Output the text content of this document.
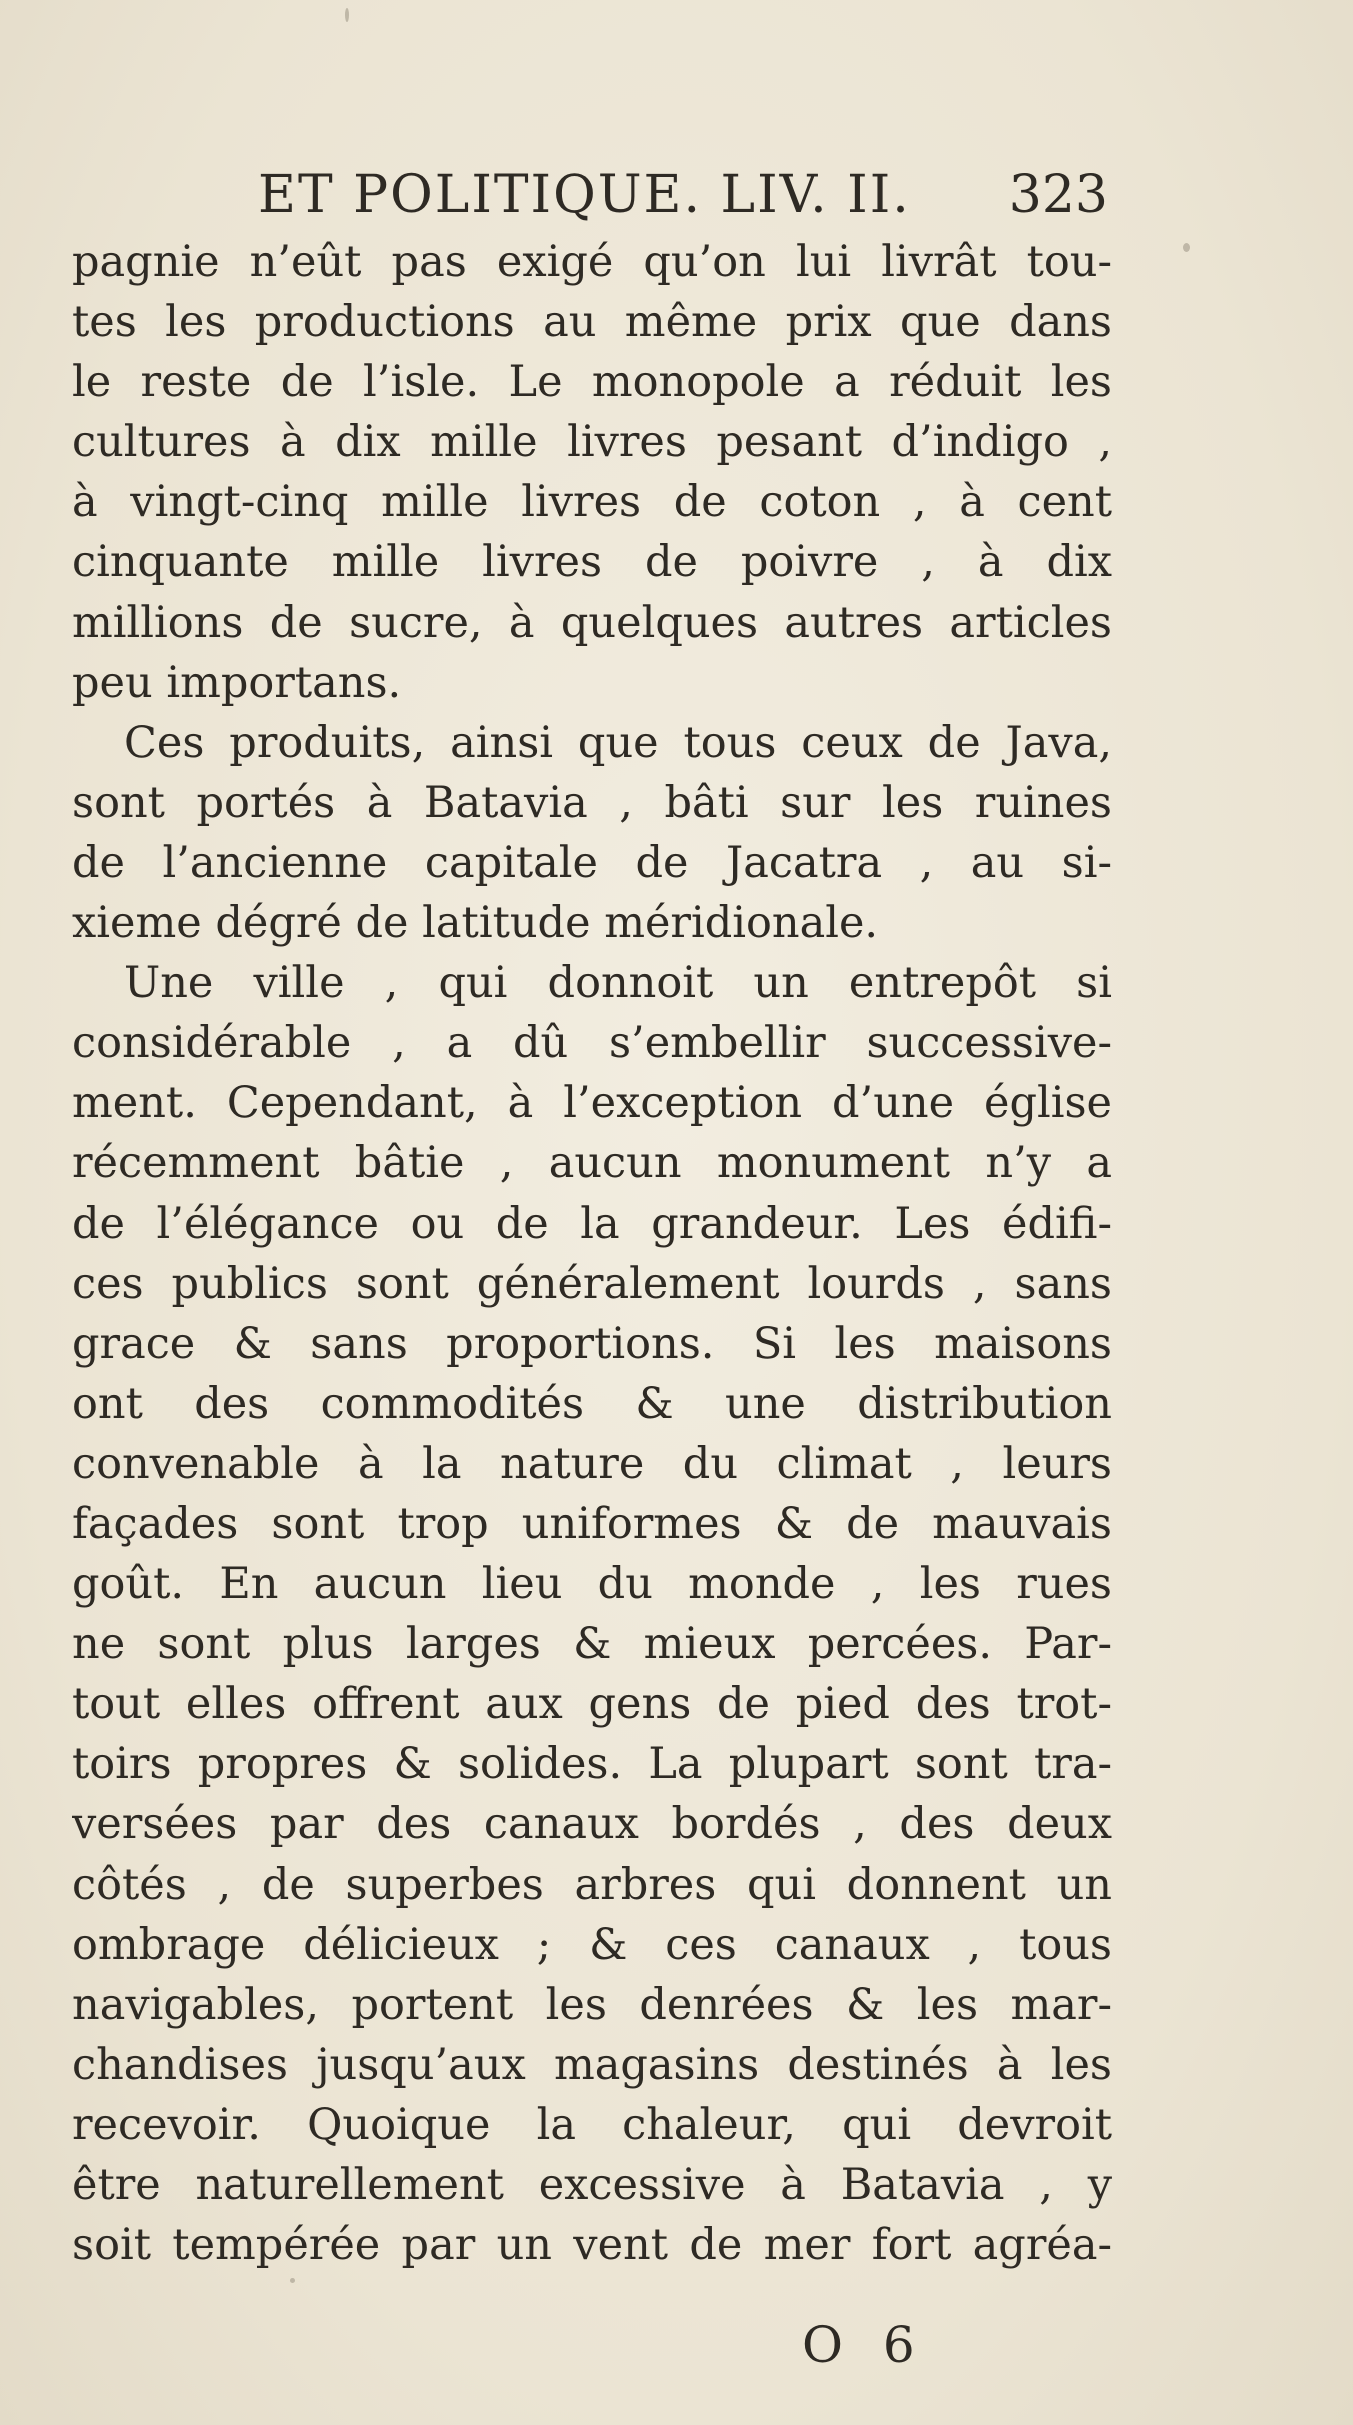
ET POLITIQUE. LIV. II. 323
pagnie n’eût pas exigé qu’on lui livrât tou-
tes les productions au même prix que dans
le reste de l’isle. Le monopole a réduit les
cultures à dix mille livres pesant d’indigo ,
à vingt-cinq mille livres de coton , à cent
cinquante mille livres de poivre , à dix
millions de sucre, à quelques autres articles
peu importans.
Ces produits, ainsi que tous ceux de Java,
sont portés à Batavia , bâti sur les ruines
de l’ancienne capitale de Jacatra , au si-
xieme dégré de latitude méridionale.
Une ville , qui donnoit un entrepôt si
considérable , a dû s’embellir successive-
ment. Cependant, à l’exception d’une église
récemment bâtie , aucun monument n’y a
de l’élégance ou de la grandeur. Les édifi-
ces publics sont généralement lourds , sans
grace & sans proportions. Si les maisons
ont des commodités & une distribution
convenable à la nature du climat , leurs
façades sont trop uniformes & de mauvais
goût. En aucun lieu du monde , les rues
ne sont plus larges & mieux percées. Par-
tout elles offrent aux gens de pied des trot-
toirs propres & solides. La plupart sont tra-
versées par des canaux bordés , des deux
côtés , de superbes arbres qui donnent un
ombrage délicieux ; & ces canaux , tous
navigables, portent les denrées & les mar-
chandises jusqu’aux magasins destinés à les
recevoir. Quoique la chaleur, qui devroit
être naturellement excessive à Batavia , y
soit tempérée par un vent de mer fort agréa-
O 6
